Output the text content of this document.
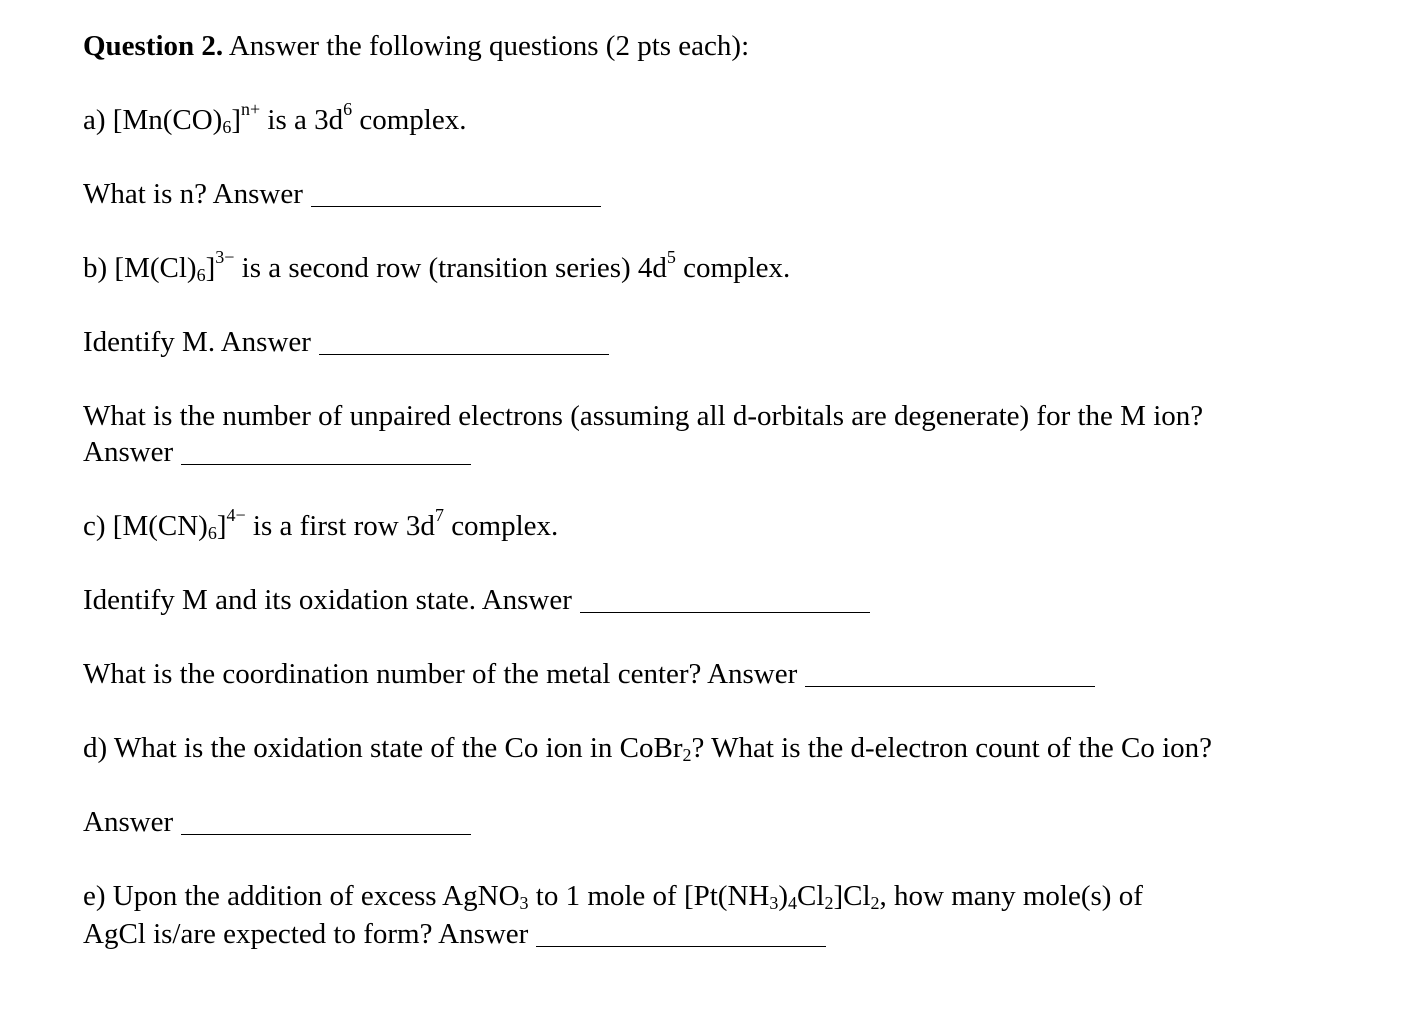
Question 2. Answer the following questions (2 pts each):
a) $[Mn(CO)_6]^{n+}$ is a $3d^6$ complex.
What is n? Answer
b) $[M(Cl)_6]^{3-}$ is a second row (transition series) $4d^5$ complex.
Identify M. Answer
What is the number of unpaired electrons (assuming all d-orbitals are degenerate) for the M ion?
Answer
c) $[M(CN)_6]^{4-}$ is a first row $3d^7$ complex.
Identify M and its oxidation state. Answer
What is the coordination number of the metal center? Answer
d) What is the oxidation state of the Co ion in CoBr$_2$? What is the d-electron count of the Co ion?
Answer
e) Upon the addition of excess AgNO$_3$ to 1 mole of $[Pt(NH_3)_4Cl_2]Cl_2$, how many mole(s) of
AgCl is/are expected to form? Answer
